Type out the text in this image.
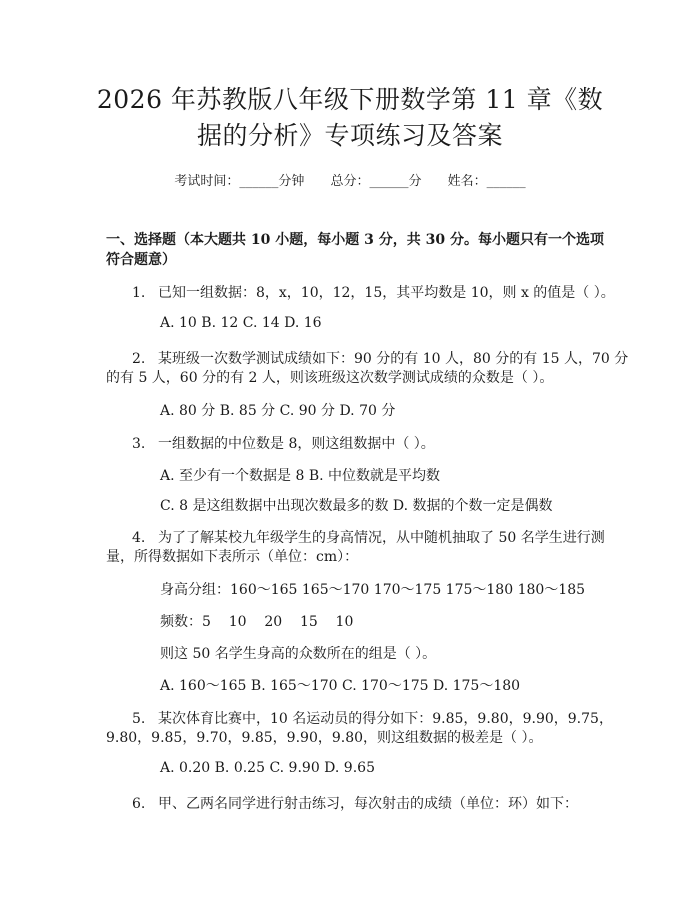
2026 年苏教版八年级下册数学第 11 章《数
据的分析》专项练习及答案
考试时间：______分钟 总分：______分 姓名：______
一、选择题（本大题共 10 小题，每小题 3 分，共 30 分。每小题只有一个选项符合题意）
1. 已知一组数据：8，x，10，12，15，其平均数是 10，则 x 的值是（ ）。
A. 10 B. 12 C. 14 D. 16
2. 某班级一次数学测试成绩如下：90 分的有 10 人，80 分的有 15 人，70 分
的有 5 人，60 分的有 2 人，则该班级这次数学测试成绩的众数是（ ）。
A. 80 分 B. 85 分 C. 90 分 D. 70 分
3. 一组数据的中位数是 8，则这组数据中（ ）。
A. 至少有一个数据是 8 B. 中位数就是平均数
C. 8 是这组数据中出现次数最多的数 D. 数据的个数一定是偶数
4. 为了了解某校九年级学生的身高情况，从中随机抽取了 50 名学生进行测
量，所得数据如下表所示（单位：cm）：
身高分组：160～165 165～170 170～175 175～180 180～185
频数：5    10    20    15    10
则这 50 名学生身高的众数所在的组是（ ）。
A. 160～165 B. 165～170 C. 170～175 D. 175～180
5. 某次体育比赛中，10 名运动员的得分如下：9.85，9.80，9.90，9.75，
9.80，9.85，9.70，9.85，9.90，9.80，则这组数据的极差是（ ）。
A. 0.20 B. 0.25 C. 9.90 D. 9.65
6. 甲、乙两名同学进行射击练习，每次射击的成绩（单位：环）如下：
